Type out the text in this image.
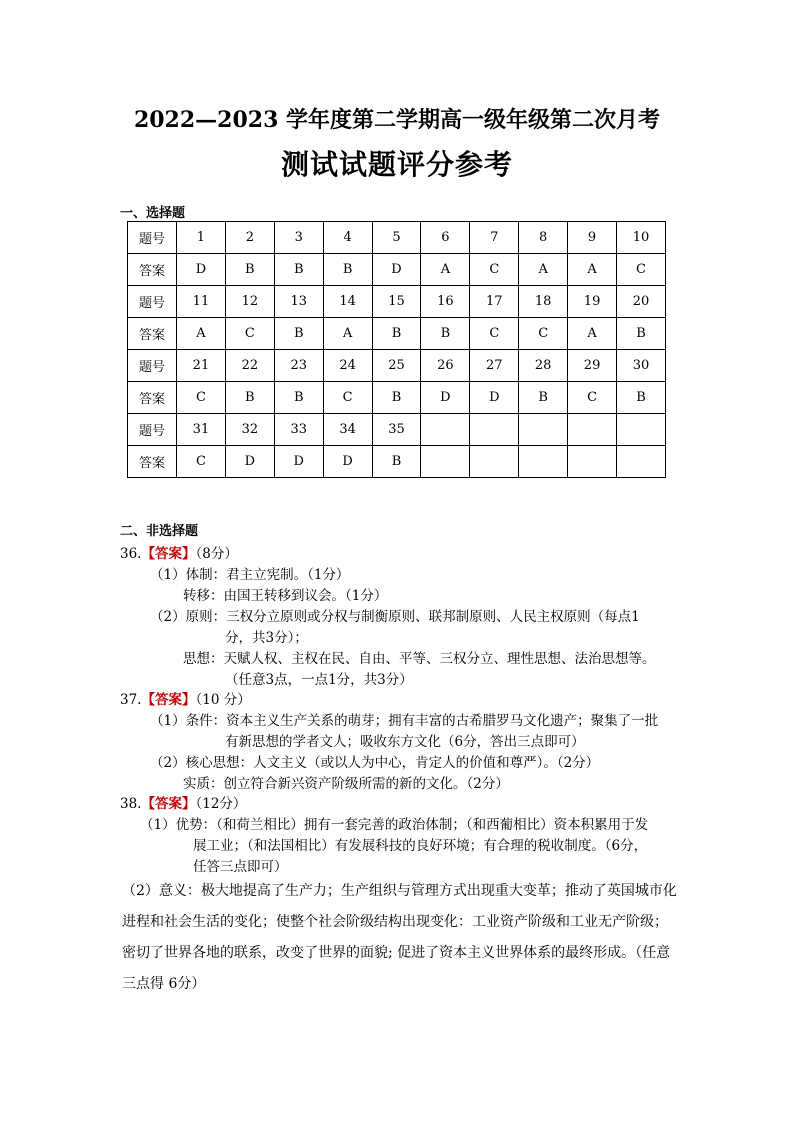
2022—2023 学年度第二学期高一级年级第二次月考
测试试题评分参考
一、选择题
题号	1	2	3	4	5	6	7	8	9	10
答案	D	B	B	B	D	A	C	A	A	C
题号	11	12	13	14	15	16	17	18	19	20
答案	A	C	B	A	B	B	C	C	A	B
题号	21	22	23	24	25	26	27	28	29	30
答案	C	B	B	C	B	D	D	B	C	B
题号	31	32	33	34	35					
答案	C	D	D	D	B					
二、非选择题
36.【答案】（8分）
（1）体制：君主立宪制。（1分）
转移：由国王转移到议会。（1分）
（2）原则：三权分立原则或分权与制衡原则、联邦制原则、人民主权原则（每点1
分，共3分）；
思想：天赋人权、主权在民、自由、平等、三权分立、理性思想、法治思想等。
（任意3点，一点1分，共3分）
37.【答案】（10 分）
（1）条件：资本主义生产关系的萌芽；拥有丰富的古希腊罗马文化遗产；聚集了一批
有新思想的学者文人；吸收东方文化（6分，答出三点即可）
（2）核心思想：人文主义（或以人为中心，肯定人的价值和尊严）。（2分）
实质：创立符合新兴资产阶级所需的新的文化。（2分）
38.【答案】（12分）
（1）优势：（和荷兰相比）拥有一套完善的政治体制；（和西葡相比）资本积累用于发
展工业；（和法国相比）有发展科技的良好环境；有合理的税收制度。（6分，
任答三点即可）
（2）意义：极大地提高了生产力；生产组织与管理方式出现重大变革；推动了英国城市化
进程和社会生活的变化；使整个社会阶级结构出现变化：工业资产阶级和工业无产阶级；
密切了世界各地的联系，改变了世界的面貌; 促进了资本主义世界体系的最终形成。（任意
三点得 6分）
